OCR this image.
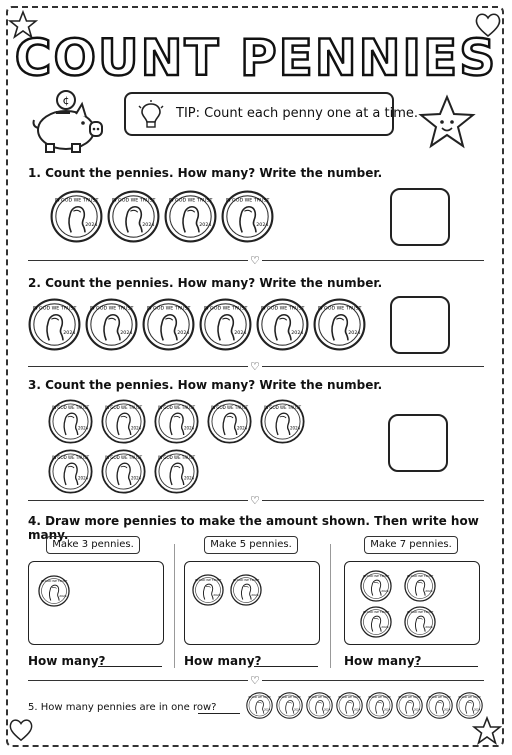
COUNT PENNIES
¢
TIP: Count each penny one at a time.
1. Count the pennies. How many? Write the number.
♡
2. Count the pennies. How many? Write the number.
♡
3. Count the pennies. How many? Write the number.
♡
4. Draw more pennies to make the amount shown. Then write how many.
Make 3 pennies.
How many?
Make 5 pennies.
How many?
Make 7 pennies.
How many?
♡
5. How many pennies are in one row?
IN GOD WE TRUST
2024
IN GOD WE TRUST
2024
IN GOD WE TRUST
2024
IN GOD WE TRUST
2024
IN GOD WE TRUST
2024
IN GOD WE TRUST
2024
IN GOD WE TRUST
2024
IN GOD WE TRUST
2024
IN GOD WE TRUST
2024
IN GOD WE TRUST
2024
IN GOD WE TRUST
2024
IN GOD WE TRUST
2024
IN GOD WE TRUST
2024
IN GOD WE TRUST
2024
IN GOD WE TRUST
2024
IN GOD WE TRUST
2024
IN GOD WE TRUST
2024
IN GOD WE TRUST
2024
IN GOD WE TRUST
2024
IN GOD WE TRUST
2024
IN GOD WE TRUST
2024
IN GOD WE TRUST
2024
IN GOD WE TRUST
2024
IN GOD WE TRUST
2024
IN GOD WE TRUST
2024
IN GOD WE TRUST
2024
IN GOD WE TRUST
2024
IN GOD WE TRUST
2024
IN GOD WE TRUST
2024
IN GOD WE TRUST
2024
IN GOD WE TRUST
2024
IN GOD WE TRUST
2024
IN GOD WE TRUST
2024
